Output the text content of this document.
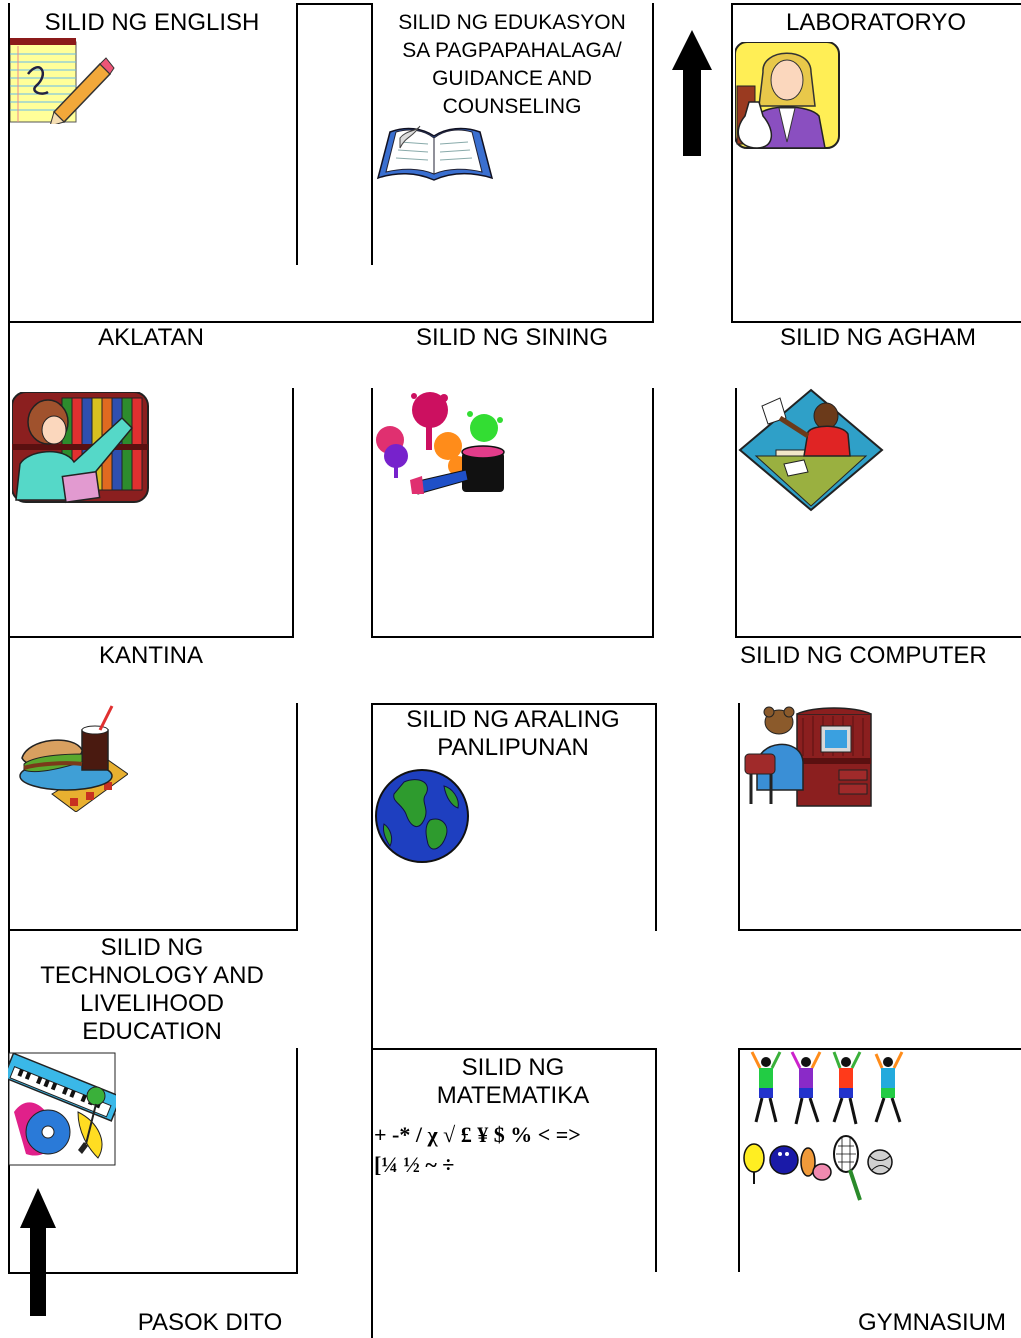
SILID NG ENGLISH	SILID NG EDUKASYON
SA PAGPAPAHALAGA/
GUIDANCE AND
COUNSELING
LABORATORYO
AKLATAN	SILID NG SINING	SILID NG AGHAM
KANTINA	SILID NG COMPUTER
SILID NG ARALING
PANLIPUNAN
SILID NG
TECHNOLOGY AND
LIVELIHOOD
EDUCATION
SILID NG
MATEMATIKA
+ -* / χ √ £ ¥ $ % < =>
[¼ ½ ~ ÷
PASOK DITO	GYMNASIUM
